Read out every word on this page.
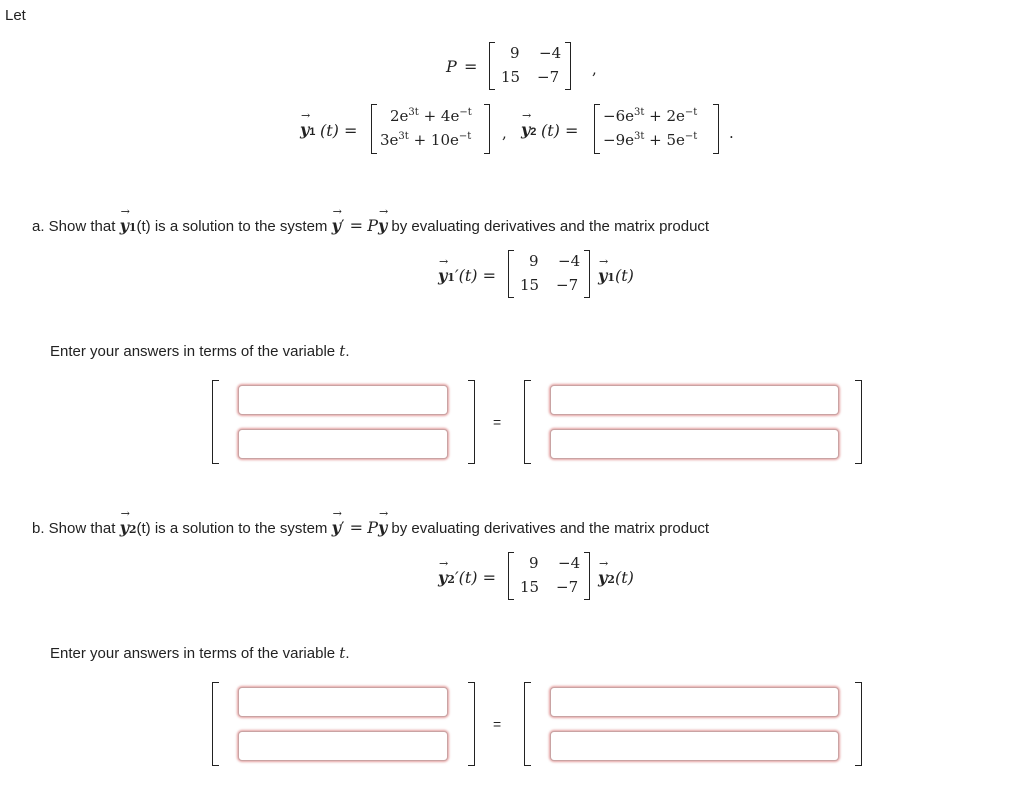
Let
P =
9 −4
15 −7 ,
→ y1 (t) =
$2e^{3t} + 4e^{-t}$
$3e^{3t} + 10e^{-t}$ , → y2 (t) =
$-6e^{3t} + 2e^{-t}$
$-9e^{3t} + 5e^{-t}$ .
a. Show that → y1(t) is a solution to the system → y′ = P→ y by evaluating derivatives and the matrix product
→ y1′(t) =
9 −4
15 −7 → y1(t)
Enter your answers in terms of the variable t.
=
b. Show that → y2(t) is a solution to the system → y′ = P→ y by evaluating derivatives and the matrix product
→ y2′(t) =
9 −4
15 −7 → y2(t)
Enter your answers in terms of the variable t.
=
